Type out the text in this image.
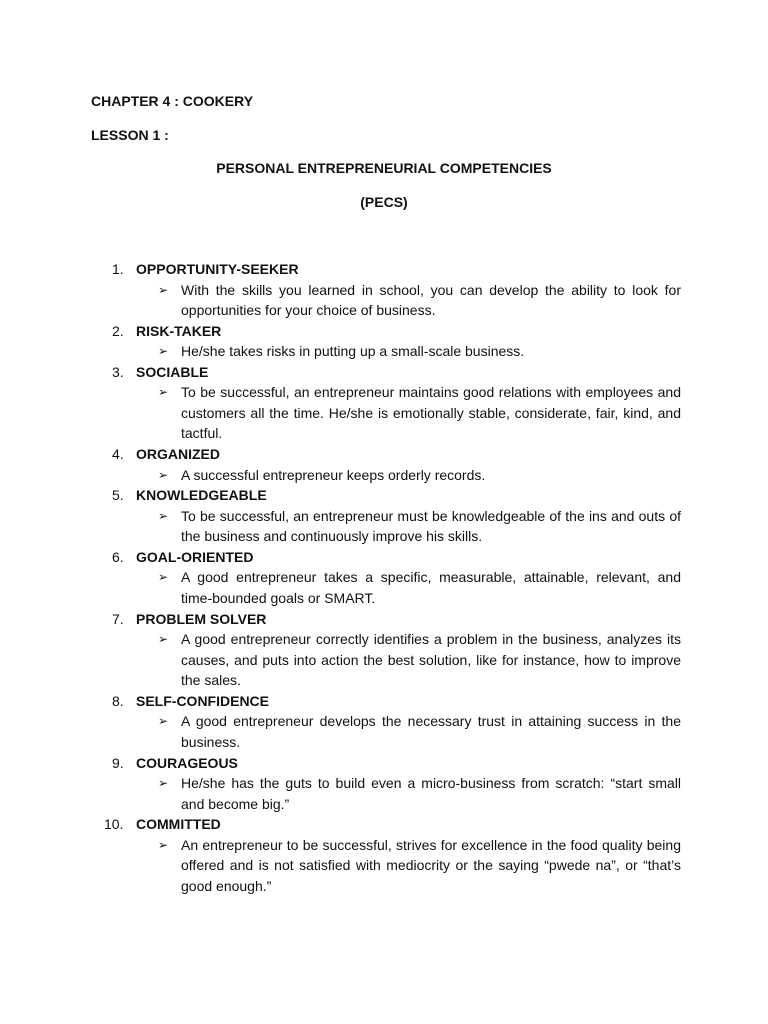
CHAPTER 4 : COOKERY
LESSON 1 :
PERSONAL ENTREPRENEURIAL COMPETENCIES
(PECS)
1. OPPORTUNITY-SEEKER
➢ With the skills you learned in school, you can develop the ability to look for opportunities for your choice of business.
2. RISK-TAKER
➢ He/she takes risks in putting up a small-scale business.
3. SOCIABLE
➢ To be successful, an entrepreneur maintains good relations with employees and customers all the time. He/she is emotionally stable, considerate, fair, kind, and tactful.
4. ORGANIZED
➢ A successful entrepreneur keeps orderly records.
5. KNOWLEDGEABLE
➢ To be successful, an entrepreneur must be knowledgeable of the ins and outs of the business and continuously improve his skills.
6. GOAL-ORIENTED
➢ A good entrepreneur takes a specific, measurable, attainable, relevant, and time-bounded goals or SMART.
7. PROBLEM SOLVER
➢ A good entrepreneur correctly identifies a problem in the business, analyzes its causes, and puts into action the best solution, like for instance, how to improve the sales.
8. SELF-CONFIDENCE
➢ A good entrepreneur develops the necessary trust in attaining success in the business.
9. COURAGEOUS
➢ He/she has the guts to build even a micro-business from scratch: “start small and become big.”
10. COMMITTED
➢ An entrepreneur to be successful, strives for excellence in the food quality being offered and is not satisfied with mediocrity or the saying “pwede na”, or “that’s good enough.”
